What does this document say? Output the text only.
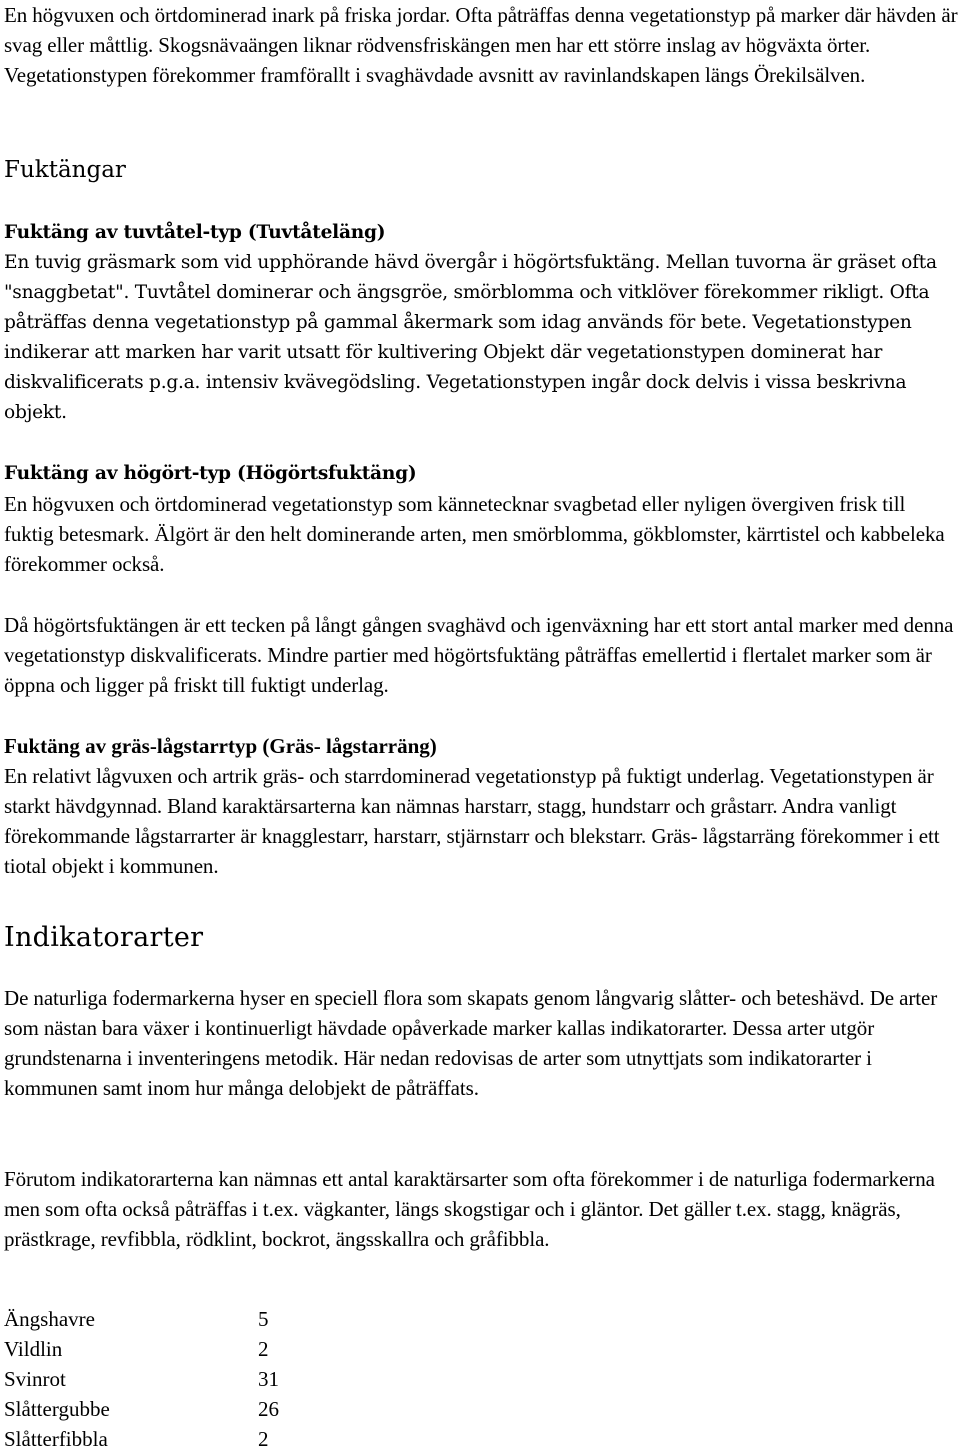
En högvuxen och örtdominerad inark på friska jordar. Ofta påträffas denna vegetationstyp på marker där hävden är svag eller måttlig. Skogsnävaängen liknar rödvensfriskängen men har ett större inslag av högväxta örter. Vegetationstypen förekommer framförallt i svaghävdade avsnitt av ravinlandskapen längs Örekilsälven.

Fuktängar
Fuktäng av tuvtåtel-typ (Tuvtåteläng)

En tuvig gräsmark som vid upphörande hävd övergår i högörtsfuktäng. Mellan tuvorna är gräset ofta "snaggbetat". Tuvtåtel dominerar och ängsgröe, smörblomma och vitklöver förekommer rikligt. Ofta påträffas denna vegetationstyp på gammal åkermark som idag används för bete. Vegetationstypen indikerar att marken har varit utsatt för kultivering Objekt där vegetationstypen dominerat har diskvalificerats p.g.a. intensiv kvävegödsling. Vegetationstypen ingår dock delvis i vissa beskrivna objekt.

Fuktäng av högört-typ (Högörtsfuktäng)

En högvuxen och örtdominerad vegetationstyp som kännetecknar svagbetad eller nyligen övergiven frisk till fuktig betesmark. Älgört är den helt dominerande arten, men smörblomma, gökblomster, kärrtistel och kabbeleka förekommer också.

Då högörtsfuktängen är ett tecken på långt gången svaghävd och igenväxning har ett stort antal marker med denna vegetationstyp diskvalificerats. Mindre partier med högörtsfuktäng påträffas emellertid i flertalet marker som är öppna och ligger på friskt till fuktigt underlag.

Fuktäng av gräs-lågstarrtyp (Gräs- lågstarräng)

En relativt lågvuxen och artrik gräs- och starrdominerad vegetationstyp på fuktigt underlag. Vegetationstypen är starkt hävdgynnad. Bland karaktärsarterna kan nämnas harstarr, stagg, hundstarr och gråstarr. Andra vanligt förekommande lågstarrarter är knagglestarr, harstarr, stjärnstarr och blekstarr. Gräs- lågstarräng förekommer i ett tiotal objekt i kommunen.

Indikatorarter

De naturliga fodermarkerna hyser en speciell flora som skapats genom långvarig slåtter- och beteshävd. De arter som nästan bara växer i kontinuerligt hävdade opåverkade marker kallas indikatorarter. Dessa arter utgör grundstenarna i inventeringens metodik. Här nedan redovisas de arter som utnyttjats som indikatorarter i kommunen samt inom hur många delobjekt de påträffats.

Förutom indikatorarterna kan nämnas ett antal karaktärsarter som ofta förekommer i de naturliga fodermarkerna men som ofta också påträffas i t.ex. vägkanter, längs skogstigar och i gläntor. Det gäller t.ex. stagg, knägräs, prästkrage, revfibbla, rödklint, bockrot, ängsskallra och gråfibbla.

Ängshavre	5
Vildlin	2
Svinrot	31
Slåttergubbe	26
Slåtterfibbla	2
